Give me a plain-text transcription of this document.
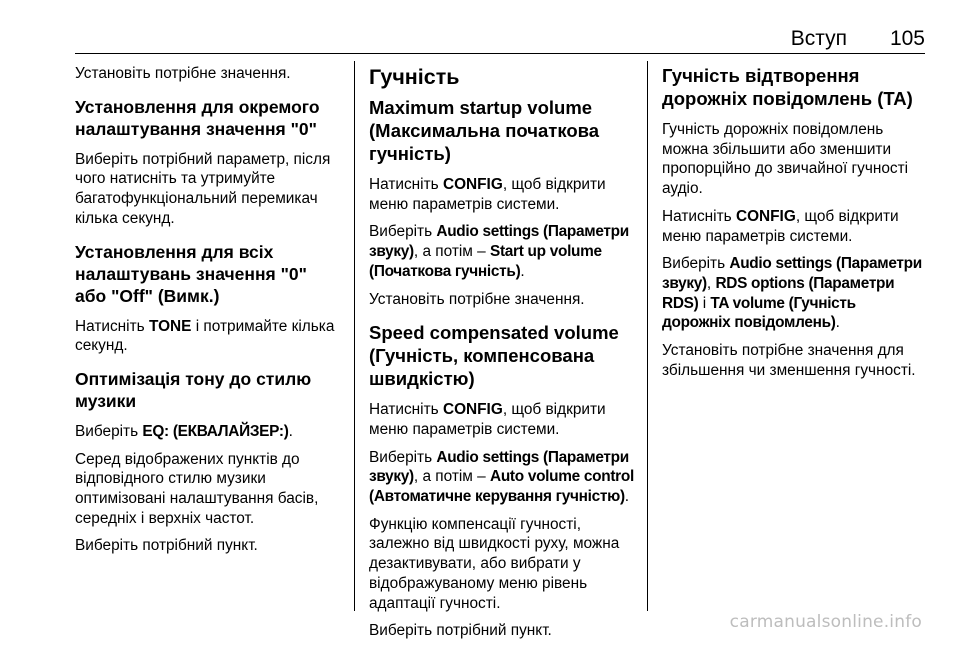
Вступ 105

Установіть потрібне значення.

Установлення для окремого налаштування значення "0"

Виберіть потрібний параметр, після чого натисніть та утримуйте багатофункціональний перемикач кілька секунд.

Установлення для всіх налаштувань значення "0" або "Off" (Вимк.)

Натисніть TONE і потримайте кілька секунд.

Оптимізація тону до стилю музики

Виберіть EQ: (ЕКВАЛАЙЗЕР:).

Серед відображених пунктів до відповідного стилю музики оптимізовані налаштування басів, середніх і верхніх частот.

Виберіть потрібний пункт.

Гучність
Maximum startup volume (Максимальна початкова гучність)

Натисніть CONFIG, щоб відкрити меню параметрів системи.

Виберіть Audio settings (Параметри звуку), а потім – Start up volume (Початкова гучність).

Установіть потрібне значення.

Speed compensated volume (Гучність, компенсована швидкістю)

Натисніть CONFIG, щоб відкрити меню параметрів системи.

Виберіть Audio settings (Параметри звуку), а потім – Auto volume control (Автоматичне керування гучністю).

Функцію компенсації гучності, залежно від швидкості руху, можна дезактивувати, або вибрати у відображуваному меню рівень адаптації гучності.

Виберіть потрібний пункт.

Гучність відтворення дорожніх повідомлень (TA)

Гучність дорожніх повідомлень можна збільшити або зменшити пропорційно до звичайної гучності аудіо.

Натисніть CONFIG, щоб відкрити меню параметрів системи.

Виберіть Audio settings (Параметри звуку), RDS options (Параметри RDS) і TA volume (Гучність дорожніх повідомлень).

Установіть потрібне значення для збільшення чи зменшення гучності.

carmanualsonline.info
